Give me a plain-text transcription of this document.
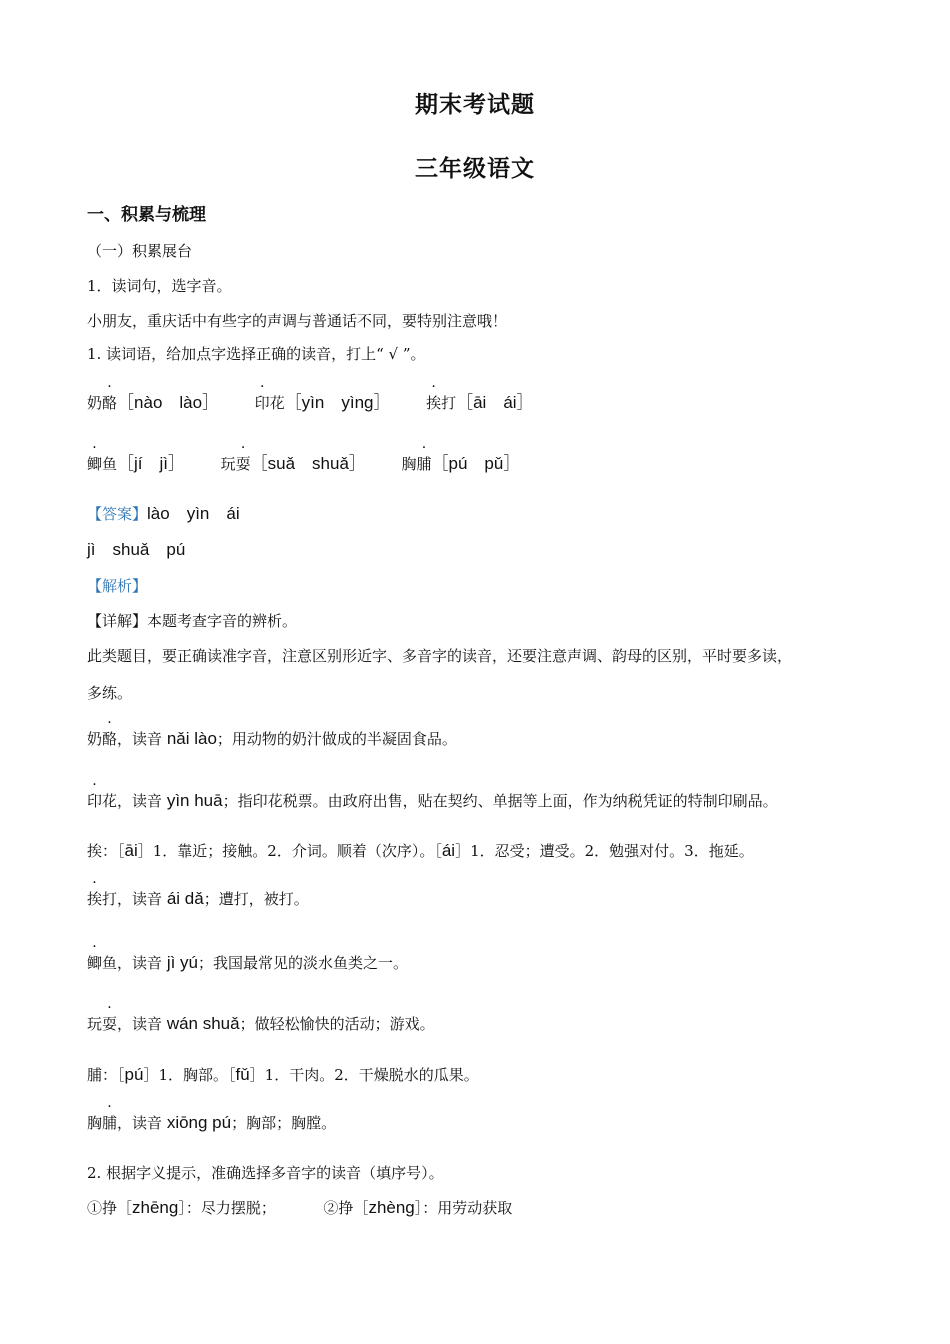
期末考试题
三年级语文
一、积累与梳理
（一）积累展台
1．读词句，选字音。
小朋友，重庆话中有些字的声调与普通话不同，要特别注意哦！
1. 读词语，给加点字选择正确的读音，打上“ √ ”。
奶酪［nào　lào］ 印花［yìn　yìng］ 挨打［āi　ái］
鲫鱼［jí　jì］ 玩耍［suǎ　shuǎ］ 胸脯［pú　pǔ］
【答案】lào　yìn　ái
jì　shuǎ　pú
【解析】
【详解】本题考查字音的辨析。
此类题目，要正确读准字音，注意区别形近字、多音字的读音，还要注意声调、韵母的区别，平时要多读，
多练。
奶酪，读音 nǎi lào；用动物的奶汁做成的半凝固食品。
印花，读音 yìn huā；指印花税票。由政府出售，贴在契约、单据等上面，作为纳税凭证的特制印刷品。
挨：［āi］1．靠近；接触。2．介词。顺着（次序）。［ái］1．忍受；遭受。2．勉强对付。3．拖延。
挨打，读音 ái dǎ；遭打，被打。
鲫鱼，读音 jì yú；我国最常见的淡水鱼类之一。
玩耍，读音 wán shuǎ；做轻松愉快的活动；游戏。
脯：［pú］1．胸部。［fǔ］1．干肉。2．干燥脱水的瓜果。
胸脯，读音 xiōng pú；胸部；胸膛。
2. 根据字义提示，准确选择多音字的读音（填序号）。
①挣［zhēng］：尽力摆脱；	②挣［zhèng］：用劳动获取
